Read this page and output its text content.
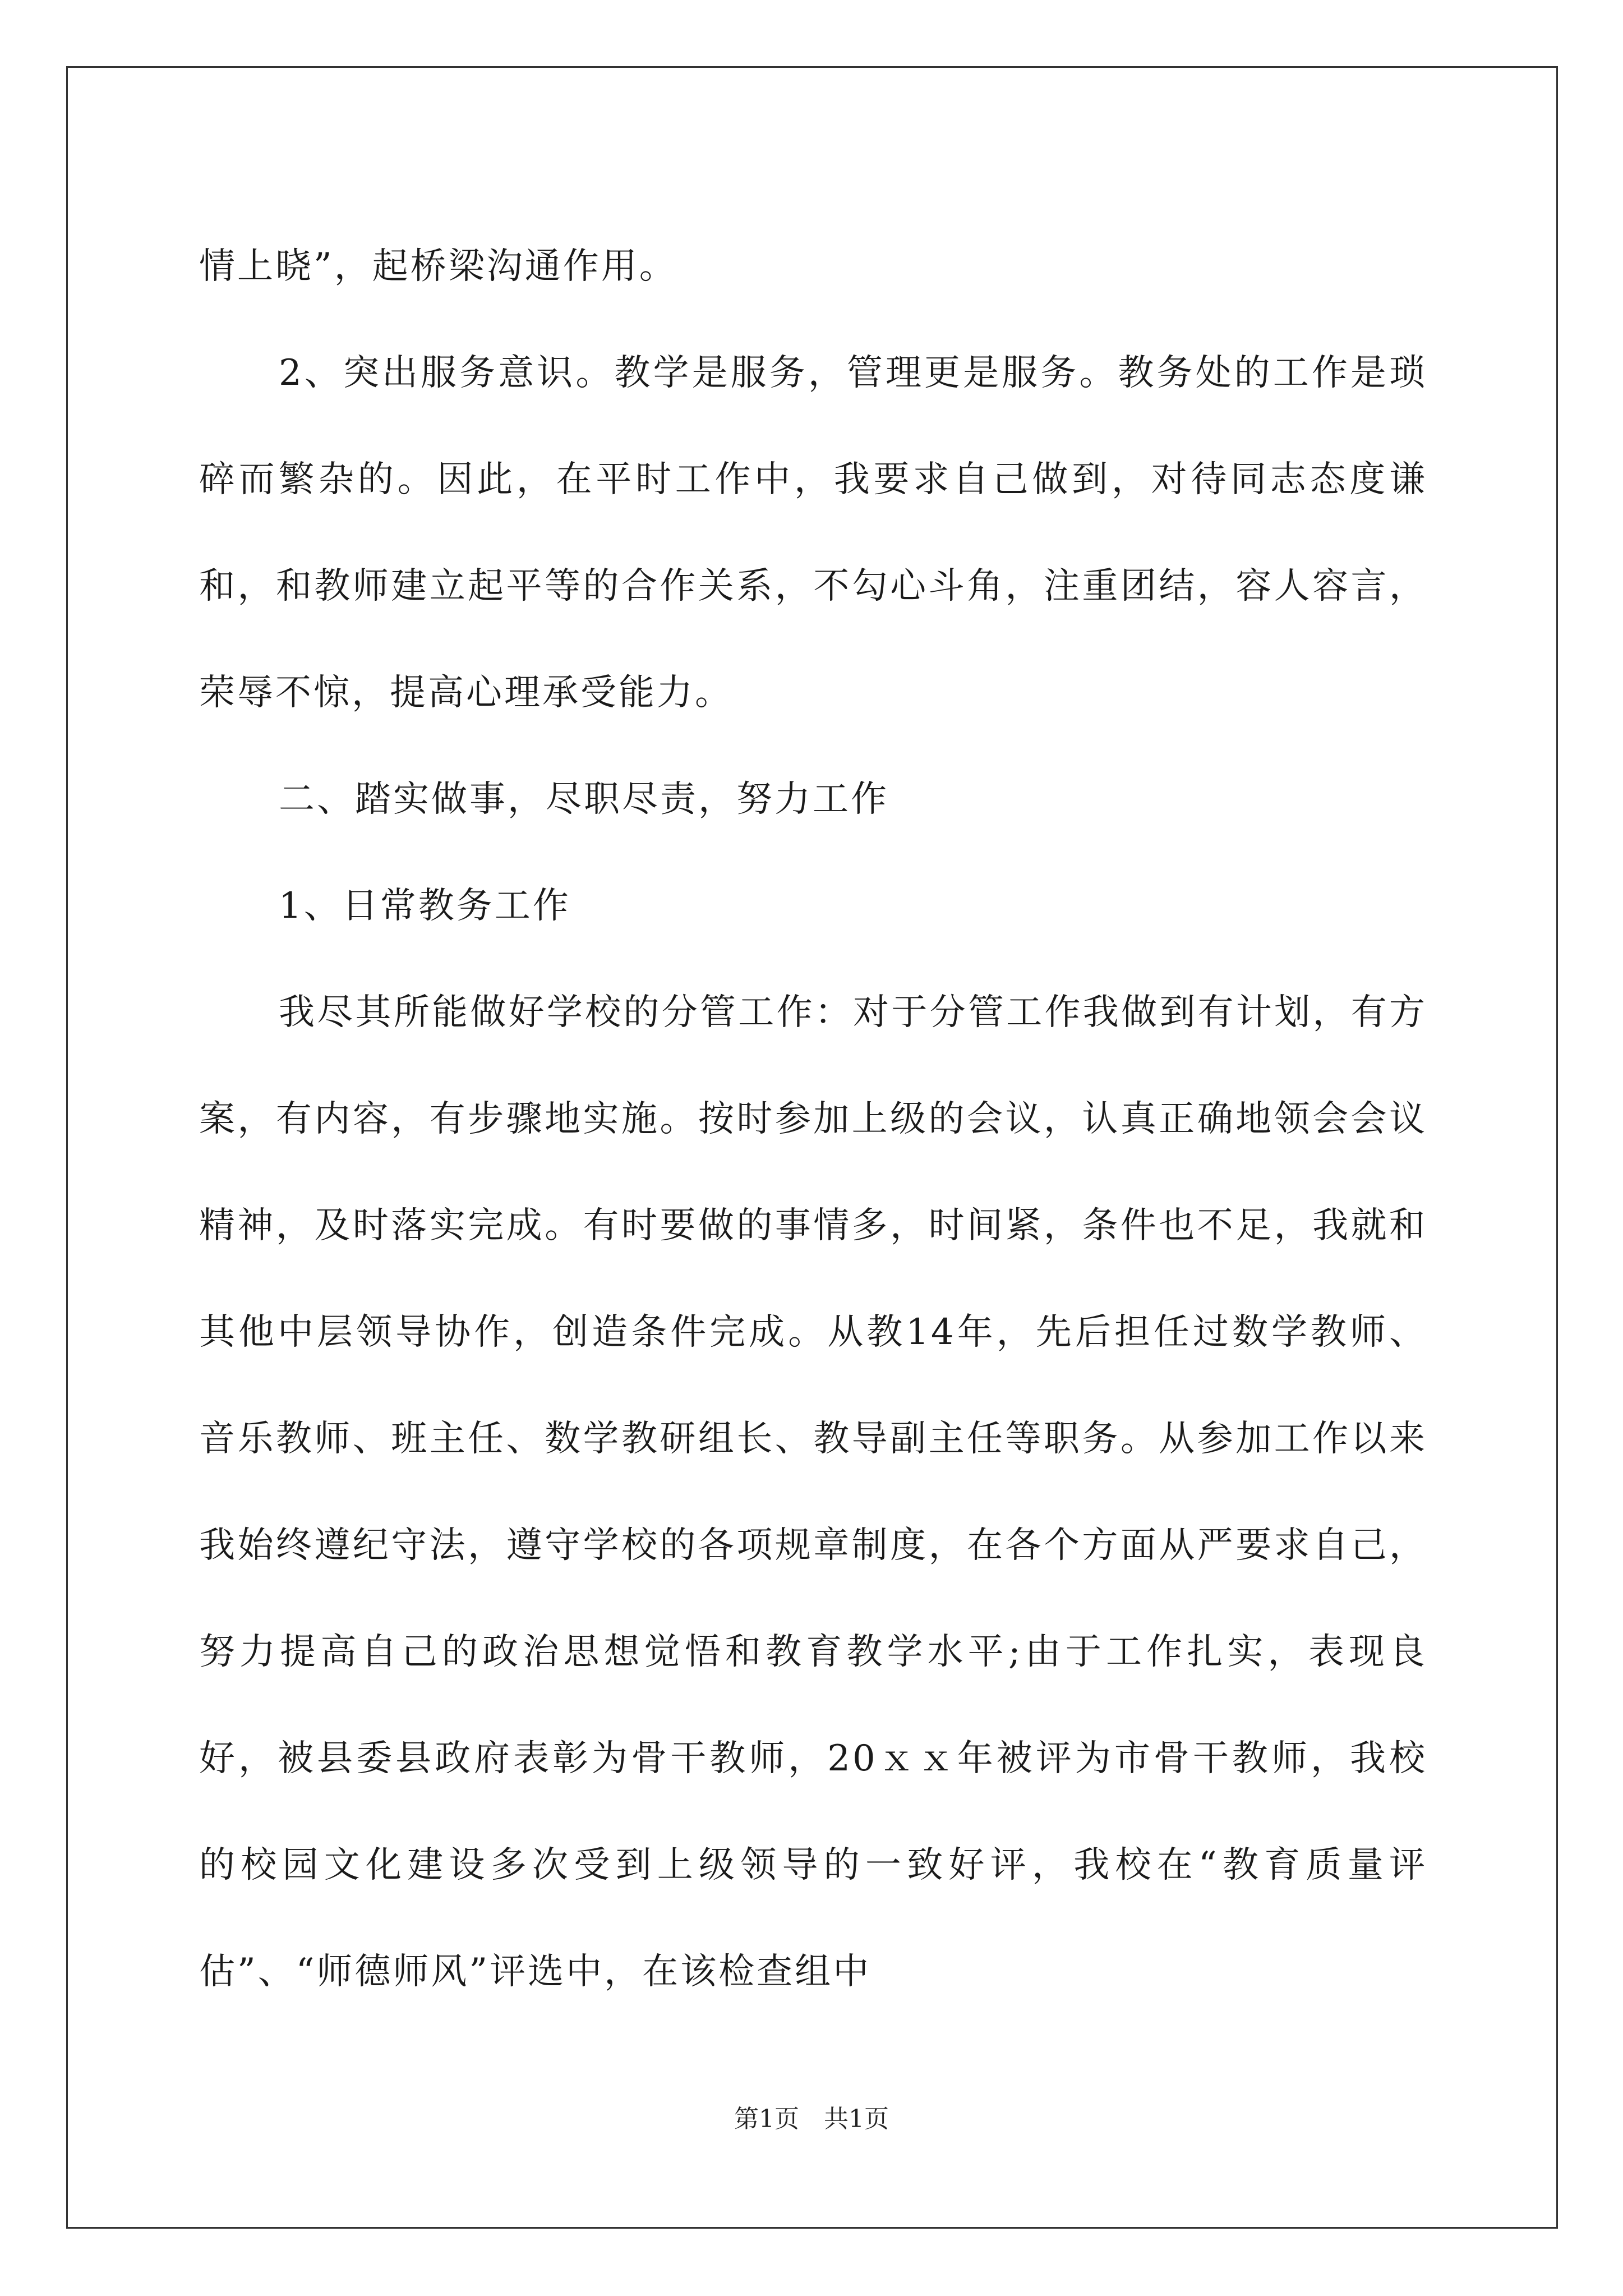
情上晓”，起桥梁沟通作用。

2、突出服务意识。教学是服务，管理更是服务。教务处的工作是琐碎而繁杂的。因此，在平时工作中，我要求自己做到，对待同志态度谦和，和教师建立起平等的合作关系，不勾心斗角，注重团结，容人容言，荣辱不惊，提高心理承受能力。

二、踏实做事，尽职尽责，努力工作

1、日常教务工作

我尽其所能做好学校的分管工作：对于分管工作我做到有计划，有方案，有内容，有步骤地实施。按时参加上级的会议，认真正确地领会会议精神，及时落实完成。有时要做的事情多，时间紧，条件也不足，我就和其他中层领导协作，创造条件完成。从教14年，先后担任过数学教师、音乐教师、班主任、数学教研组长、教导副主任等职务。从参加工作以来我始终遵纪守法，遵守学校的各项规章制度，在各个方面从严要求自己，努力提高自己的政治思想觉悟和教育教学水平;由于工作扎实，表现良好，被县委县政府表彰为骨干教师，20ｘｘ年被评为市骨干教师，我校的校园文化建设多次受到上级领导的一致好评，我校在“教育质量评估”、“师德师风”评选中，在该检查组中

第1页　共1页
